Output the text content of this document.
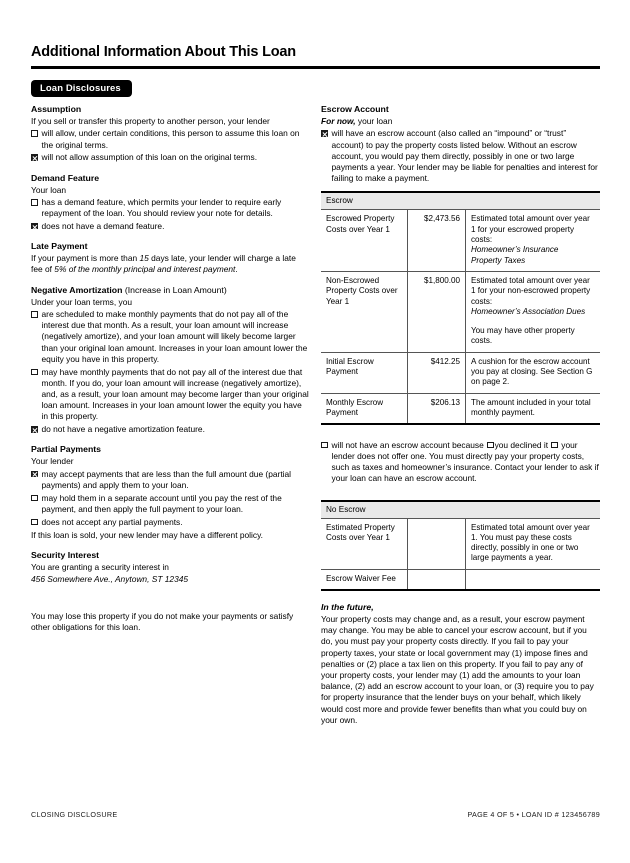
Additional Information About This Loan
Loan Disclosures
Assumption

If you sell or transfer this property to another person, your lender

will allow, under certain conditions, this person to assume this loan on the original terms.
will not allow assumption of this loan on the original terms.
Demand Feature

Your loan

has a demand feature, which permits your lender to require early repayment of the loan. You should review your note for details.
does not have a demand feature.
Late Payment

If your payment is more than 15 days late, your lender will charge a late fee of 5% of the monthly principal and interest payment.

Negative Amortization (Increase in Loan Amount)

Under your loan terms, you

are scheduled to make monthly payments that do not pay all of the interest due that month. As a result, your loan amount will increase (negatively amortize), and your loan amount will likely become larger than your original loan amount. Increases in your loan amount lower the equity you have in this property.
may have monthly payments that do not pay all of the interest due that month. If you do, your loan amount will increase (negatively amortize), and, as a result, your loan amount may become larger than your original loan amount. Increases in your loan amount lower the equity you have in this property.
do not have a negative amortization feature.
Partial Payments

Your lender

may accept payments that are less than the full amount due (partial payments) and apply them to your loan.
may hold them in a separate account until you pay the rest of the payment, and then apply the full payment to your loan.
does not accept any partial payments.

If this loan is sold, your new lender may have a different policy.

Security Interest

You are granting a security interest in

456 Somewhere Ave., Anytown, ST 12345

You may lose this property if you do not make your payments or satisfy other obligations for this loan.

Escrow Account

For now, your loan

will have an escrow account (also called an “impound” or “trust” account) to pay the property costs listed below. Without an escrow account, you would pay them directly, possibly in one or two large payments a year. Your lender may be liable for penalties and interest for failing to make a payment.
Escrow		
Escrowed Property Costs over Year 1	$2,473.56	Estimated total amount over year 1 for your escrowed property costs:
Homeowner’s Insurance
Property Taxes

Non-Escrowed Property Costs over Year 1	$1,800.00	Estimated total amount over year 1 for your non-escrowed property costs:
Homeowner’s Association Dues
You may have other property costs.

Initial Escrow Payment	$412.25	A cushion for the escrow account you pay at closing. See Section G on page 2.
Monthly Escrow Payment	$206.13	The amount included in your total monthly payment.
will not have an escrow account because you declined it  your lender does not offer one. You must directly pay your property costs, such as taxes and homeowner’s insurance. Contact your lender to ask if your loan can have an escrow account.
No Escrow		
Estimated Property Costs over Year 1		Estimated total amount over year 1. You must pay these costs directly, possibly in one or two large payments a year.
Escrow Waiver Fee		
In the future,

Your property costs may change and, as a result, your escrow payment may change. You may be able to cancel your escrow account, but if you do, you must pay your property costs directly. If you fail to pay your property taxes, your state or local government may (1) impose fines and penalties or (2) place a tax lien on this property. If you fail to pay any of your property costs, your lender may (1) add the amounts to your loan balance, (2) add an escrow account to your loan, or (3) require you to pay for property insurance that the lender buys on your behalf, which likely would cost more and provide fewer benefits than what you could buy on your own.

CLOSING DISCLOSURE	PAGE 4 OF 5 • LOAN ID # 123456789
